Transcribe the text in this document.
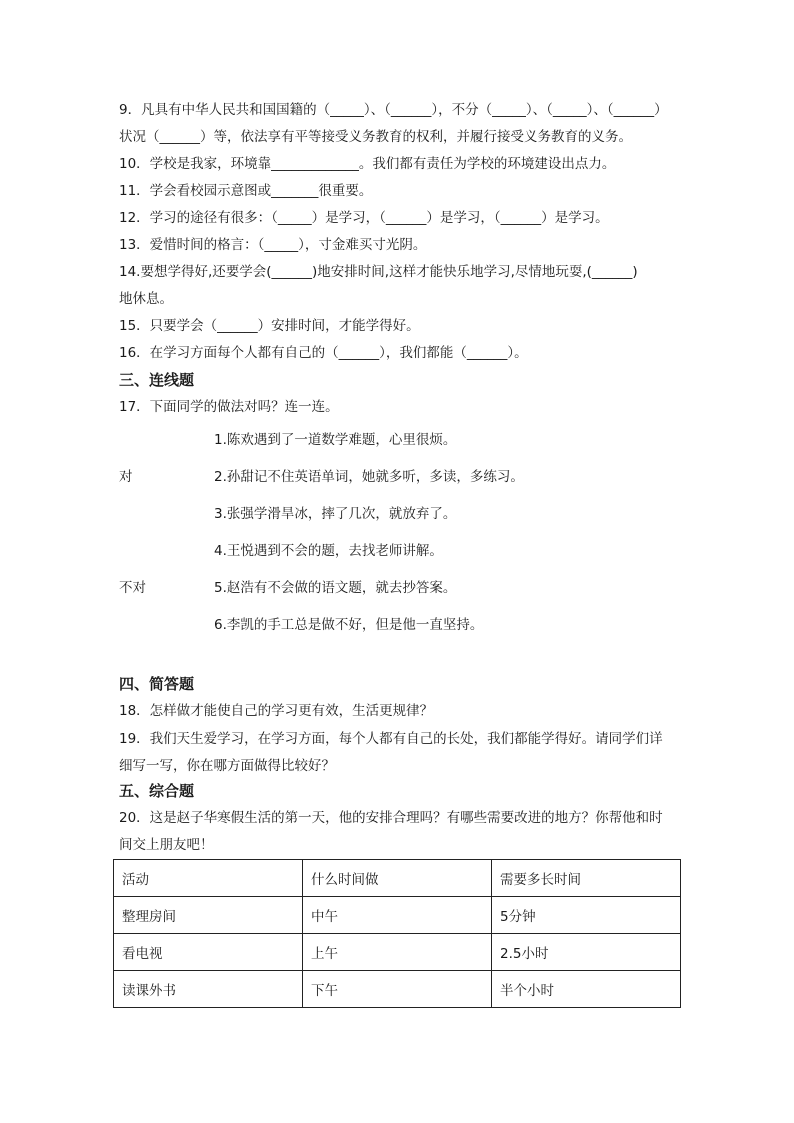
9．凡具有中华人民共和国国籍的（_____）、（______），不分（_____）、（_____）、（______）
状况（______）等，依法享有平等接受义务教育的权利，并履行接受义务教育的义务。
10．学校是我家，环境靠_____________。我们都有责任为学校的环境建设出点力。
11．学会看校园示意图或_______很重要。
12．学习的途径有很多：（_____）是学习，（______）是学习，（______）是学习。
13．爱惜时间的格言：（_____），寸金难买寸光阴。
14.要想学得好,还要学会(______)地安排时间,这样才能快乐地学习,尽情地玩耍,(______)
地休息。
15．只要学会（______）安排时间，才能学得好。
16．在学习方面每个人都有自己的（______），我们都能（______）。
三、连线题
17．下面同学的做法对吗？连一连。
1.陈欢遇到了一道数学难题，心里很烦。
对	2.孙甜记不住英语单词，她就多听，多读，多练习。
3.张强学滑旱冰，摔了几次，就放弃了。
4.王悦遇到不会的题，去找老师讲解。
不对	5.赵浩有不会做的语文题，就去抄答案。
6.李凯的手工总是做不好，但是他一直坚持。
四、简答题
18．怎样做才能使自己的学习更有效，生活更规律？
19．我们天生爱学习，在学习方面，每个人都有自己的长处，我们都能学得好。请同学们详
细写一写，你在哪方面做得比较好？
五、综合题
20．这是赵子华寒假生活的第一天，他的安排合理吗？有哪些需要改进的地方？你帮他和时
间交上朋友吧！
活动	什么时间做	需要多长时间
整理房间	中午	5分钟
看电视	上午	2.5小时
读课外书	下午	半个小时
